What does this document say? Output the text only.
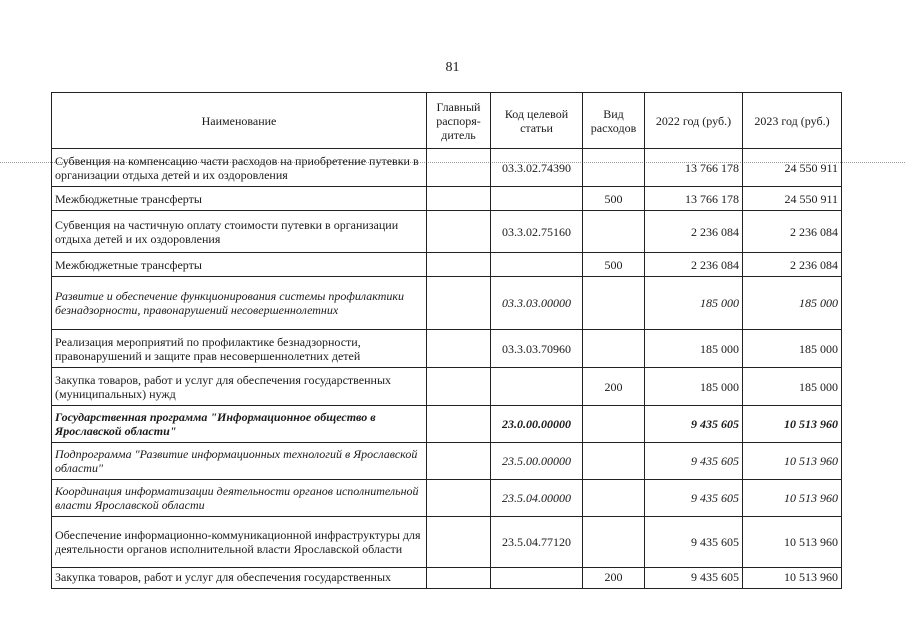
81
Наименование	Главный распоря-дитель	Код целевой статьи	Вид расходов	2022 год (руб.)	2023 год (руб.)
Субвенция на компенсацию части расходов на приобретение путевки в организации отдыха детей и их оздоровления		03.3.02.74390		13 766 178	24 550 911
Межбюджетные трансферты			500	13 766 178	24 550 911
Субвенция на частичную оплату стоимости путевки в организации отдыха детей и их оздоровления		03.3.02.75160		2 236 084	2 236 084
Межбюджетные трансферты			500	2 236 084	2 236 084
Развитие и обеспечение функционирования системы профилактики безнадзорности, правонарушений несовершеннолетних		03.3.03.00000		185 000	185 000
Реализация мероприятий по профилактике безнадзорности, правонарушений и защите прав несовершеннолетних детей		03.3.03.70960		185 000	185 000
Закупка товаров, работ и услуг для обеспечения государственных (муниципальных) нужд			200	185 000	185 000
Государственная программа "Информационное общество в Ярославской области"		23.0.00.00000		9 435 605	10 513 960
Подпрограмма "Развитие информационных технологий в Ярославской области"		23.5.00.00000		9 435 605	10 513 960
Координация информатизации деятельности органов исполнительной власти Ярославской области		23.5.04.00000		9 435 605	10 513 960
Обеспечение информационно-коммуникационной инфраструктуры для деятельности органов исполнительной власти Ярославской области		23.5.04.77120		9 435 605	10 513 960
Закупка товаров, работ и услуг для обеспечения государственных			200	9 435 605	10 513 960
